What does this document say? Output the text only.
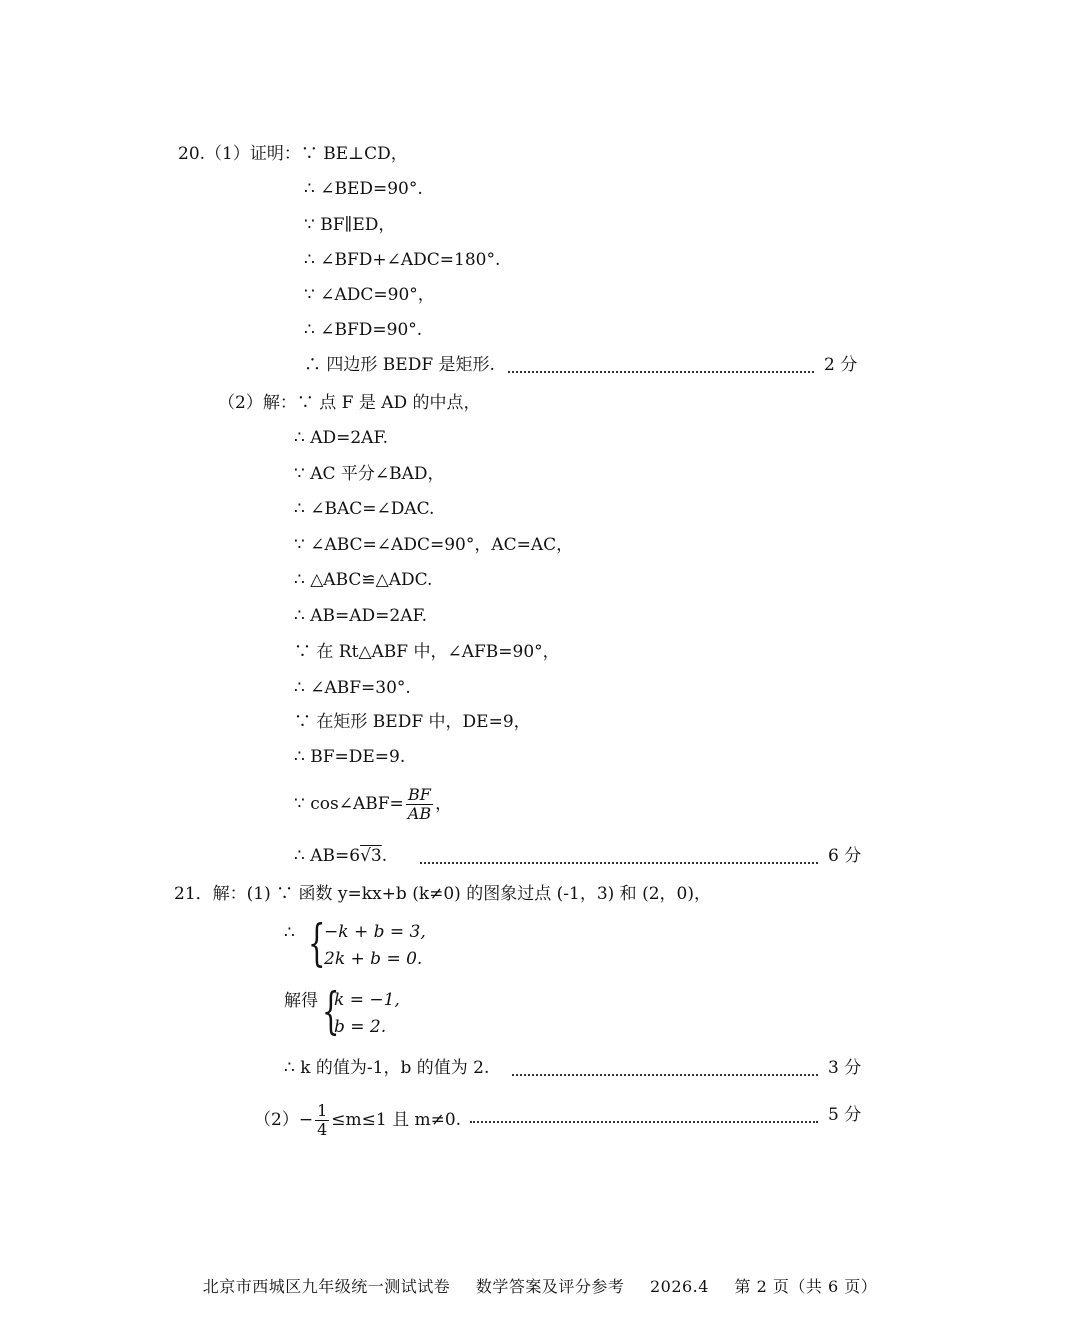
20.（1）证明：∵ BE⊥CD，
∴ ∠BED=90°.
∵ BF∥ED，
∴ ∠BFD+∠ADC=180°.
∵ ∠ADC=90°，
∴ ∠BFD=90°.
∴ 四边形 BEDF 是矩形.	2 分
（2）解：∵ 点 F 是 AD 的中点，
∴ AD=2AF.
∵ AC 平分∠BAD，
∴ ∠BAC=∠DAC.
∵ ∠ABC=∠ADC=90°，AC=AC，
∴ △ABC≌△ADC.
∴ AB=AD=2AF.
∵ 在 Rt△ABF 中，∠AFB=90°，
∴ ∠ABF=30°.
∵ 在矩形 BEDF 中，DE=9，
∴ BF=DE=9.
∵ cos∠ABF= $\frac{BF}{AB}$ ，
∴ AB=6√3.	6 分
21．解：(1) ∵ 函数 y=kx+b (k≠0) 的图象过点 (-1，3) 和 (2，0)，
∴ {
−k + b = 3,
2k + b = 0.
解得 {
k = −1,
b = 2.
∴ k 的值为-1，b 的值为 2.	3 分
$(2)- \frac{1}{4} \le m\le 1$ 且 m≠0.	5 分
北京市西城区九年级统一测试试卷 数学答案及评分参考 2026.4 第 2 页（共 6 页）
